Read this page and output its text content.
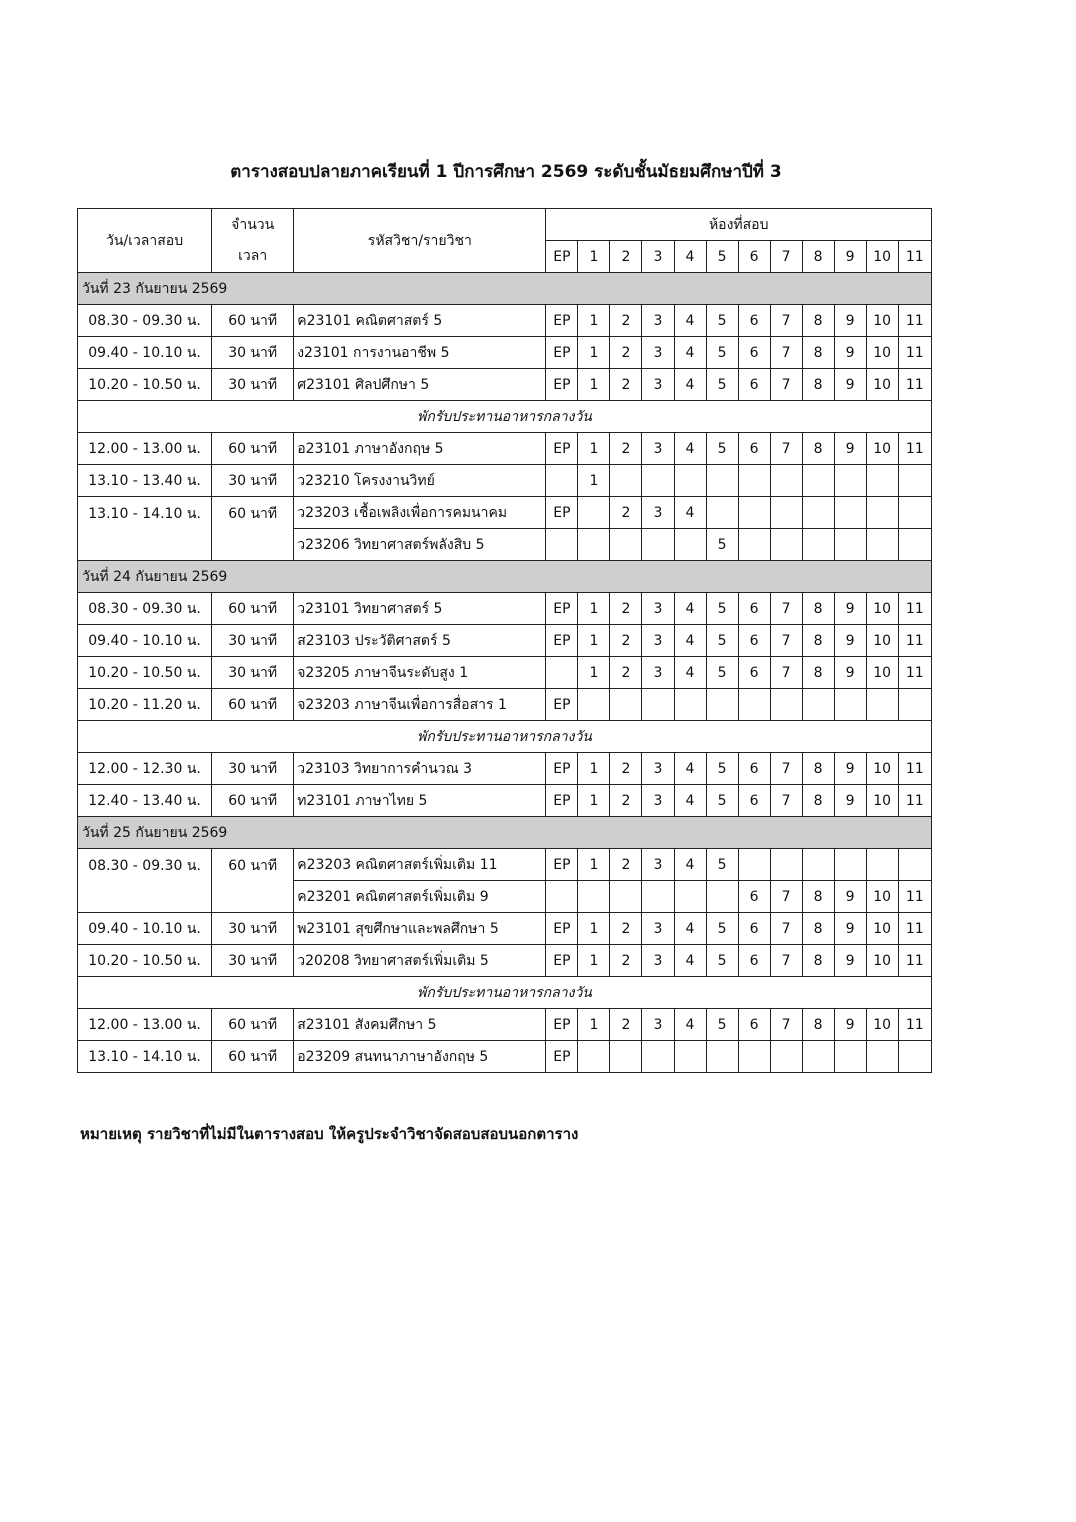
ตารางสอบปลายภาคเรียนที่ 1 ปีการศึกษา 2569 ระดับชั้นมัธยมศึกษาปีที่ 3
วัน/เวลาสอบ	จำนวน	รหัสวิชา/รายวิชา	ห้องที่สอบ											
	เวลา		EP	1	2	3	4	5	6	7	8	9	10	11
วันที่ 23 กันยายน 2569														
08.30 - 09.30 น.	60 นาที	ค23101 คณิตศาสตร์ 5	EP	1	2	3	4	5	6	7	8	9	10	11
09.40 - 10.10 น.	30 นาที	ง23101 การงานอาชีพ 5	EP	1	2	3	4	5	6	7	8	9	10	11
10.20 - 10.50 น.	30 นาที	ศ23101 ศิลปศึกษา 5	EP	1	2	3	4	5	6	7	8	9	10	11
พักรับประทานอาหารกลางวัน														
12.00 - 13.00 น.	60 นาที	อ23101 ภาษาอังกฤษ 5	EP	1	2	3	4	5	6	7	8	9	10	11
13.10 - 13.40 น.	30 นาที	ว23210 โครงงานวิทย์		1										
13.10 - 14.10 น.	60 นาที	ว23203 เชื้อเพลิงเพื่อการคมนาคม	EP		2	3	4							
		ว23206 วิทยาศาสตร์พลังสิบ 5						5						
วันที่ 24 กันยายน 2569														
08.30 - 09.30 น.	60 นาที	ว23101 วิทยาศาสตร์ 5	EP	1	2	3	4	5	6	7	8	9	10	11
09.40 - 10.10 น.	30 นาที	ส23103 ประวัติศาสตร์ 5	EP	1	2	3	4	5	6	7	8	9	10	11
10.20 - 10.50 น.	30 นาที	จ23205 ภาษาจีนระดับสูง 1		1	2	3	4	5	6	7	8	9	10	11
10.20 - 11.20 น.	60 นาที	จ23203 ภาษาจีนเพื่อการสื่อสาร 1	EP											
พักรับประทานอาหารกลางวัน														
12.00 - 12.30 น.	30 นาที	ว23103 วิทยาการคำนวณ 3	EP	1	2	3	4	5	6	7	8	9	10	11
12.40 - 13.40 น.	60 นาที	ท23101 ภาษาไทย 5	EP	1	2	3	4	5	6	7	8	9	10	11
วันที่ 25 กันยายน 2569														
08.30 - 09.30 น.	60 นาที	ค23203 คณิตศาสตร์เพิ่มเติม 11	EP	1	2	3	4	5						
		ค23201 คณิตศาสตร์เพิ่มเติม 9							6	7	8	9	10	11
09.40 - 10.10 น.	30 นาที	พ23101 สุขศึกษาและพลศึกษา 5	EP	1	2	3	4	5	6	7	8	9	10	11
10.20 - 10.50 น.	30 นาที	ว20208 วิทยาศาสตร์เพิ่มเติม 5	EP	1	2	3	4	5	6	7	8	9	10	11
พักรับประทานอาหารกลางวัน														
12.00 - 13.00 น.	60 นาที	ส23101 สังคมศึกษา 5	EP	1	2	3	4	5	6	7	8	9	10	11
13.10 - 14.10 น.	60 นาที	อ23209 สนทนาภาษาอังกฤษ 5	EP											
หมายเหตุ รายวิชาที่ไม่มีในตารางสอบ ให้ครูประจำวิชาจัดสอบสอบนอกตาราง
